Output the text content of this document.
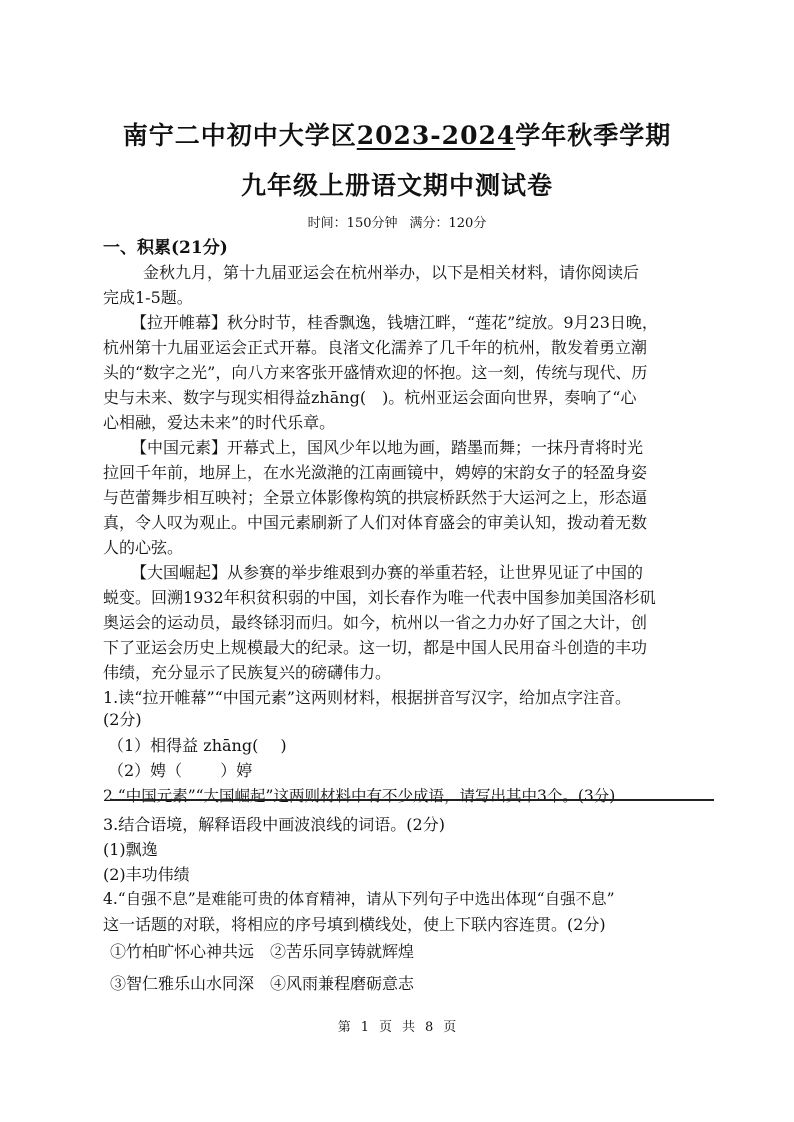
南宁二中初中大学区2023-2024学年秋季学期
九年级上册语文期中测试卷
时间：150分钟 满分：120分
一、积累(21分)
金秋九月，第十九届亚运会在杭州举办，以下是相关材料，请你阅读后
完成1-5题。
【拉开帷幕】秋分时节，桂香飘逸，钱塘江畔，“莲花”绽放。9月23日晚，
杭州第十九届亚运会正式开幕。良渚文化濡养了几千年的杭州，散发着勇立潮
头的“数字之光”，向八方来客张开盛情欢迎的怀抱。这一刻，传统与现代、历
史与未来、数字与现实相得益zhāng(　)。杭州亚运会面向世界，奏响了“心
心相融，爱达未来”的时代乐章。
【中国元素】开幕式上，国风少年以地为画，踏墨而舞；一抹丹青将时光
拉回千年前，地屏上，在水光潋滟的江南画镜中，娉婷的宋韵女子的轻盈身姿
与芭蕾舞步相互映衬；全景立体影像构筑的拱宸桥跃然于大运河之上，形态逼
真，令人叹为观止。中国元素刷新了人们对体育盛会的审美认知，拨动着无数
人的心弦。
【大国崛起】从参赛的举步维艰到办赛的举重若轻，让世界见证了中国的
蜕变。回溯1932年积贫积弱的中国，刘长春作为唯一代表中国参加美国洛杉矶
奥运会的运动员，最终铩羽而归。如今，杭州以一省之力办好了国之大计，创
下了亚运会历史上规模最大的纪录。这一切，都是中国人民用奋斗创造的丰功
伟绩，充分显示了民族复兴的磅礴伟力。
1.读“拉开帷幕”“中国元素”这两则材料，根据拼音写汉字，给加点字注音。
(2分)
（1）相得益 zhāng( )
（2）娉（ ）婷
2.“中国元素”“大国崛起”这两则材料中有不少成语，请写出其中3个。(3分)
3.结合语境，解释语段中画波浪线的词语。(2分)
(1)飘逸
(2)丰功伟绩
4.“自强不息”是难能可贵的体育精神，请从下列句子中选出体现“自强不息”
这一话题的对联，将相应的序号填到横线处，使上下联内容连贯。(2分)
①竹柏旷怀心神共远　②苦乐同享铸就辉煌
③智仁雅乐山水同深　④风雨兼程磨砺意志
第 1 页 共 8 页
